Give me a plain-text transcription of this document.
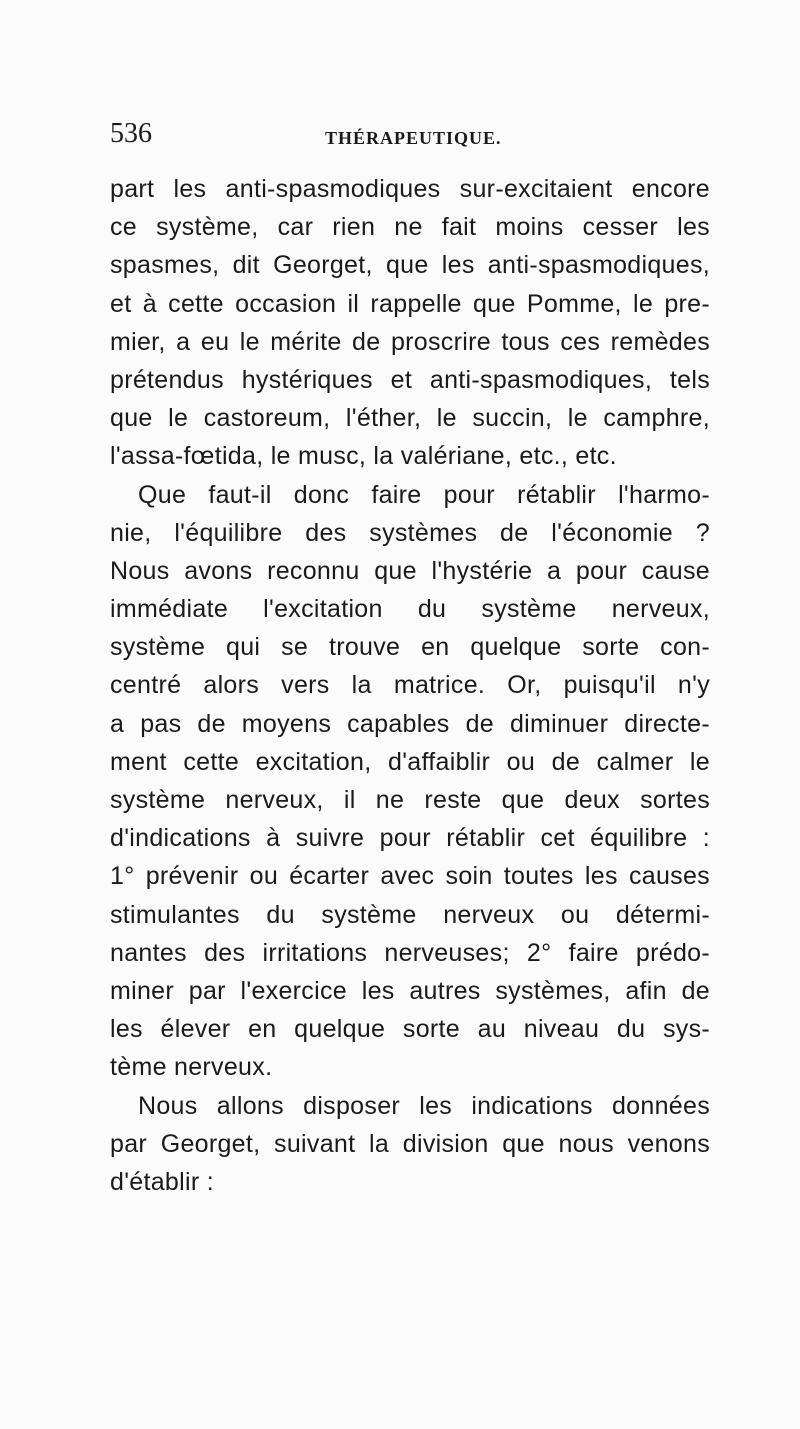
536	THÉRAPEUTIQUE.
part les anti-spasmodiques sur-excitaient encore
ce système, car rien ne fait moins cesser les
spasmes, dit Georget, que les anti-spasmodiques,
et à cette occasion il rappelle que Pomme, le pre-
mier, a eu le mérite de proscrire tous ces remèdes
prétendus hystériques et anti-spasmodiques, tels
que le castoreum, l'éther, le succin, le camphre,
l'assa-fœtida, le musc, la valériane, etc., etc.
Que faut-il donc faire pour rétablir l'harmo-
nie, l'équilibre des systèmes de l'économie ?
Nous avons reconnu que l'hystérie a pour cause
immédiate l'excitation du système nerveux,
système qui se trouve en quelque sorte con-
centré alors vers la matrice. Or, puisqu'il n'y
a pas de moyens capables de diminuer directe-
ment cette excitation, d'affaiblir ou de calmer le
système nerveux, il ne reste que deux sortes
d'indications à suivre pour rétablir cet équilibre :
1° prévenir ou écarter avec soin toutes les causes
stimulantes du système nerveux ou détermi-
nantes des irritations nerveuses; 2° faire prédo-
miner par l'exercice les autres systèmes, afin de
les élever en quelque sorte au niveau du sys-
tème nerveux.
Nous allons disposer les indications données
par Georget, suivant la division que nous venons
d'établir :
